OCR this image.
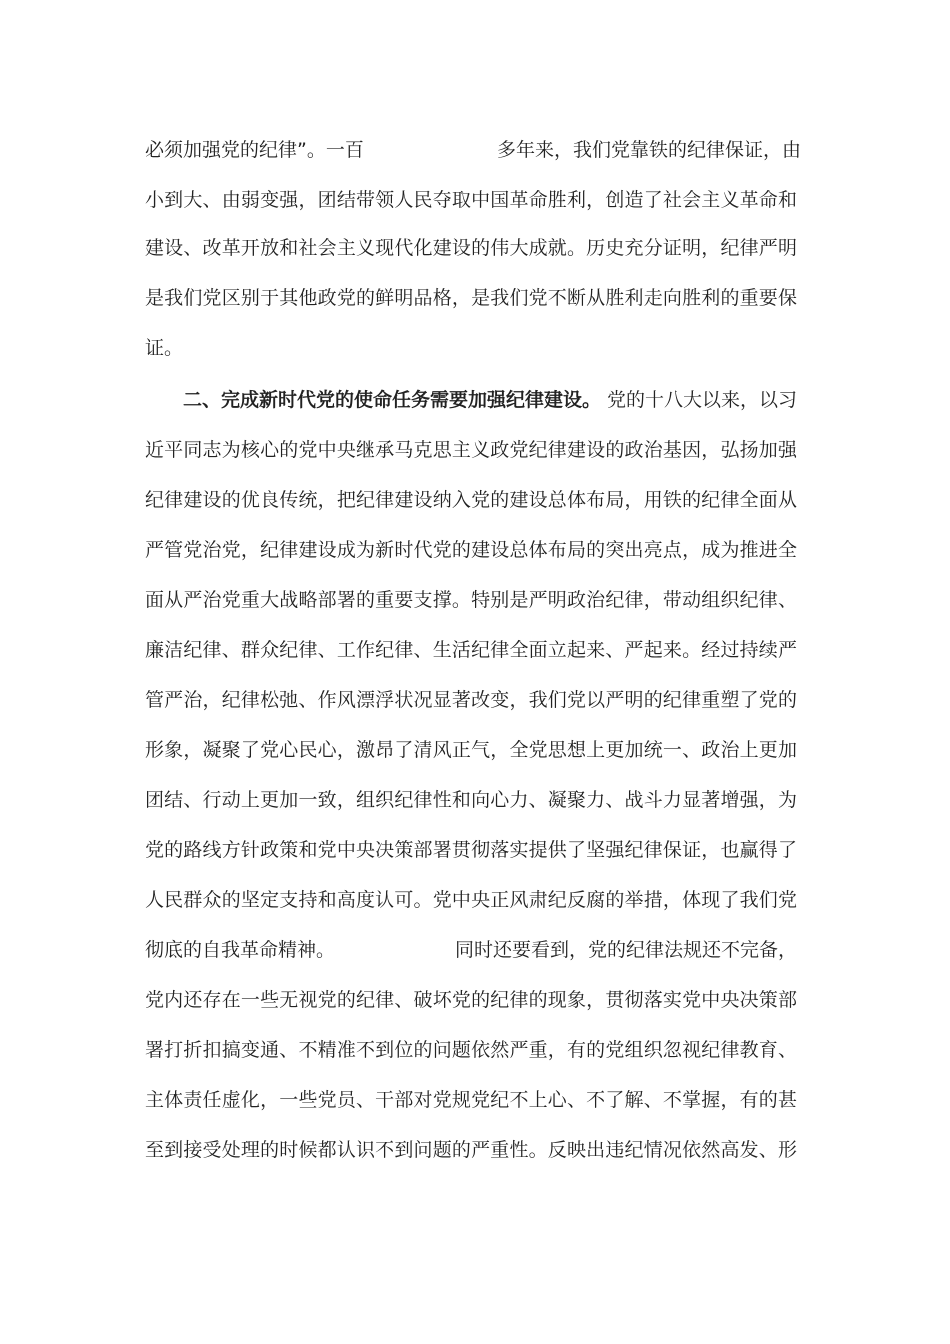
必须加强党的纪律”。一百	多年来，我们党靠铁的纪律保证，由
小到大、由弱变强，团结带领人民夺取中国革命胜利，创造了社会主义革命和
建设、改革开放和社会主义现代化建设的伟大成就。历史充分证明，纪律严明
是我们党区别于其他政党的鲜明品格，是我们党不断从胜利走向胜利的重要保
证。
二、完成新时代党的使命任务需要加强纪律建设。 党的十八大以来，以习
近平同志为核心的党中央继承马克思主义政党纪律建设的政治基因，弘扬加强
纪律建设的优良传统，把纪律建设纳入党的建设总体布局，用铁的纪律全面从
严管党治党，纪律建设成为新时代党的建设总体布局的突出亮点，成为推进全
面从严治党重大战略部署的重要支撑。特别是严明政治纪律，带动组织纪律、
廉洁纪律、群众纪律、工作纪律、生活纪律全面立起来、严起来。经过持续严
管严治，纪律松弛、作风漂浮状况显著改变，我们党以严明的纪律重塑了党的
形象，凝聚了党心民心，激昂了清风正气，全党思想上更加统一、政治上更加
团结、行动上更加一致，组织纪律性和向心力、凝聚力、战斗力显著增强，为
党的路线方针政策和党中央决策部署贯彻落实提供了坚强纪律保证，也赢得了
人民群众的坚定支持和高度认可。党中央正风肃纪反腐的举措，体现了我们党
彻底的自我革命精神。	同时还要看到，党的纪律法规还不完备，
党内还存在一些无视党的纪律、破坏党的纪律的现象，贯彻落实党中央决策部
署打折扣搞变通、不精准不到位的问题依然严重，有的党组织忽视纪律教育、
主体责任虚化，一些党员、干部对党规党纪不上心、不了解、不掌握，有的甚
至到接受处理的时候都认识不到问题的严重性。反映出违纪情况依然高发、形
